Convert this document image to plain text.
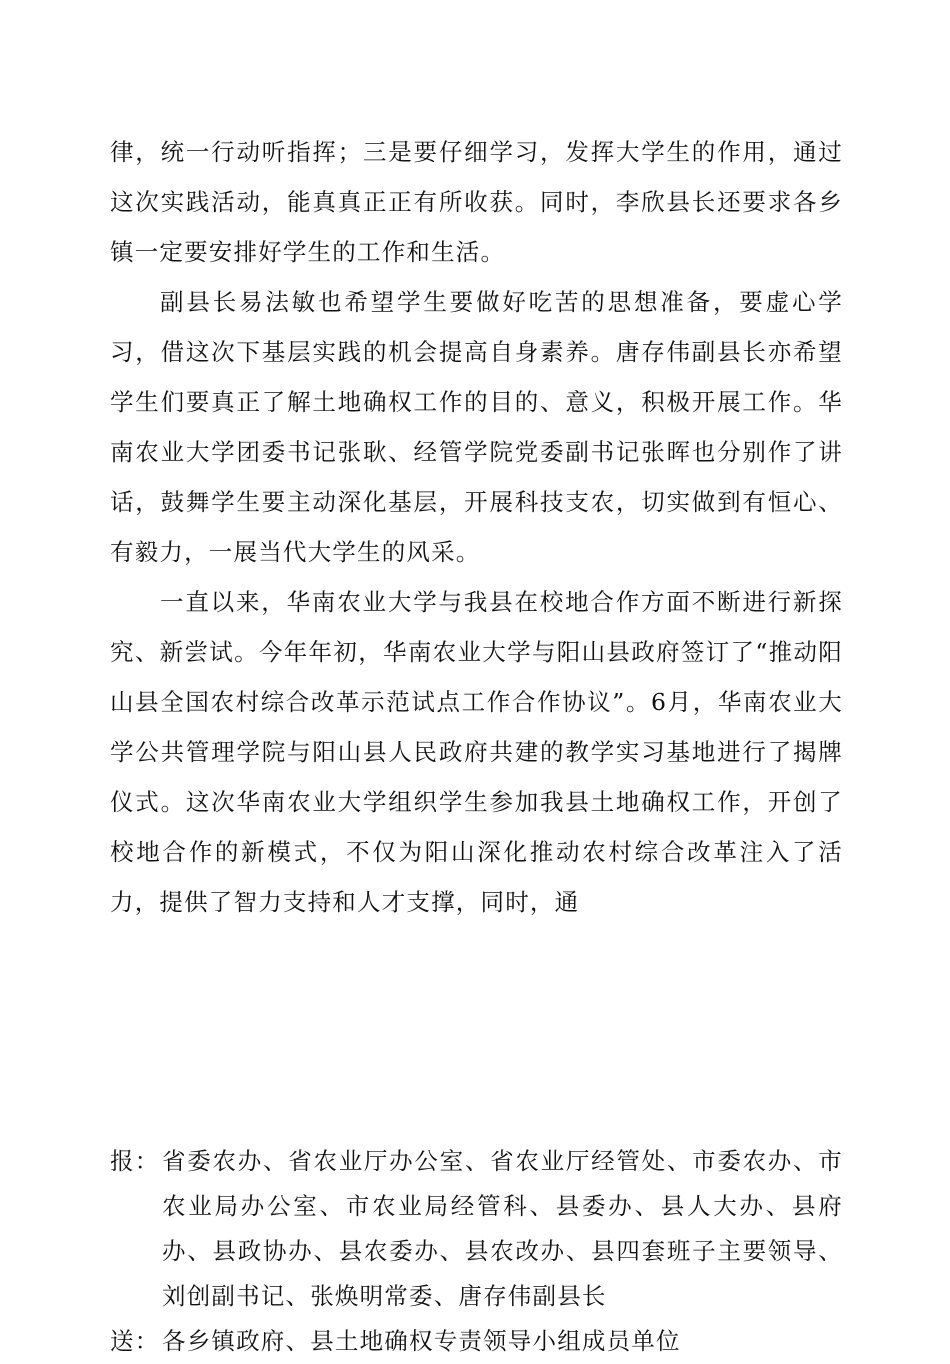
律，统一行动听指挥；三是要仔细学习，发挥大学生的作用，通过这次实践活动，能真真正正有所收获。同时，李欣县长还要求各乡镇一定要安排好学生的工作和生活。

副县长易法敏也希望学生要做好吃苦的思想准备，要虚心学习，借这次下基层实践的机会提高自身素养。唐存伟副县长亦希望学生们要真正了解土地确权工作的目的、意义，积极开展工作。华南农业大学团委书记张耿、经管学院党委副书记张晖也分别作了讲话，鼓舞学生要主动深化基层，开展科技支农，切实做到有恒心、有毅力，一展当代大学生的风采。

一直以来，华南农业大学与我县在校地合作方面不断进行新探究、新尝试。今年年初，华南农业大学与阳山县政府签订了“推动阳山县全国农村综合改革示范试点工作合作协议”。6月，华南农业大学公共管理学院与阳山县人民政府共建的教学实习基地进行了揭牌仪式。这次华南农业大学组织学生参加我县土地确权工作，开创了校地合作的新模式，不仅为阳山深化推动农村综合改革注入了活力，提供了智力支持和人才支撑，同时，通

报： 省委农办、省农业厅办公室、省农业厅经管处、市委农办、市农业局办公室、市农业局经管科、县委办、县人大办、县府办、县政协办、县农委办、县农改办、县四套班子主要领导、刘创副书记、张焕明常委、唐存伟副县长
送： 各乡镇政府、县土地确权专责领导小组成员单位
